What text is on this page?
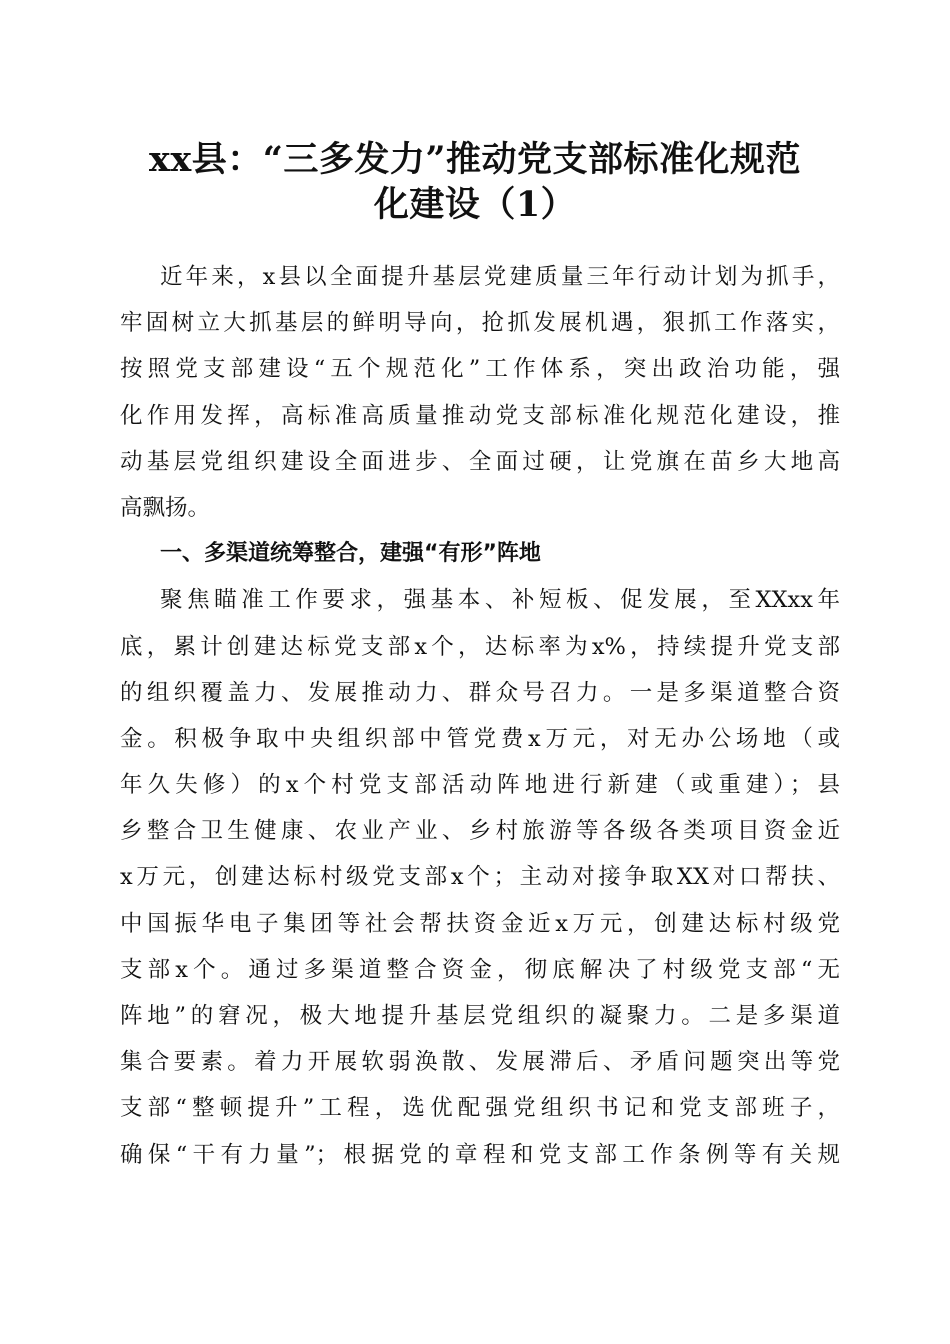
xx县：“三多发力”推动党支部标准化规范
化建设（1）
近年来，x县以全面提升基层党建质量三年行动计划为抓手，
牢固树立大抓基层的鲜明导向，抢抓发展机遇，狠抓工作落实，
按照党支部建设“五个规范化”工作体系，突出政治功能，强
化作用发挥，高标准高质量推动党支部标准化规范化建设，推
动基层党组织建设全面进步、全面过硬，让党旗在苗乡大地高
高飘扬。
一、多渠道统筹整合，建强“有形”阵地
聚焦瞄准工作要求，强基本、补短板、促发展，至XXxx年
底，累计创建达标党支部x个，达标率为x%，持续提升党支部
的组织覆盖力、发展推动力、群众号召力。一是多渠道整合资
金。积极争取中央组织部中管党费x万元，对无办公场地（或
年久失修）的x个村党支部活动阵地进行新建（或重建）；县
乡整合卫生健康、农业产业、乡村旅游等各级各类项目资金近
x万元，创建达标村级党支部x个；主动对接争取XX对口帮扶、
中国振华电子集团等社会帮扶资金近x万元，创建达标村级党
支部x个。通过多渠道整合资金，彻底解决了村级党支部“无
阵地”的窘况，极大地提升基层党组织的凝聚力。二是多渠道
集合要素。着力开展软弱涣散、发展滞后、矛盾问题突出等党
支部“整顿提升”工程，选优配强党组织书记和党支部班子，
确保“干有力量”；根据党的章程和党支部工作条例等有关规
